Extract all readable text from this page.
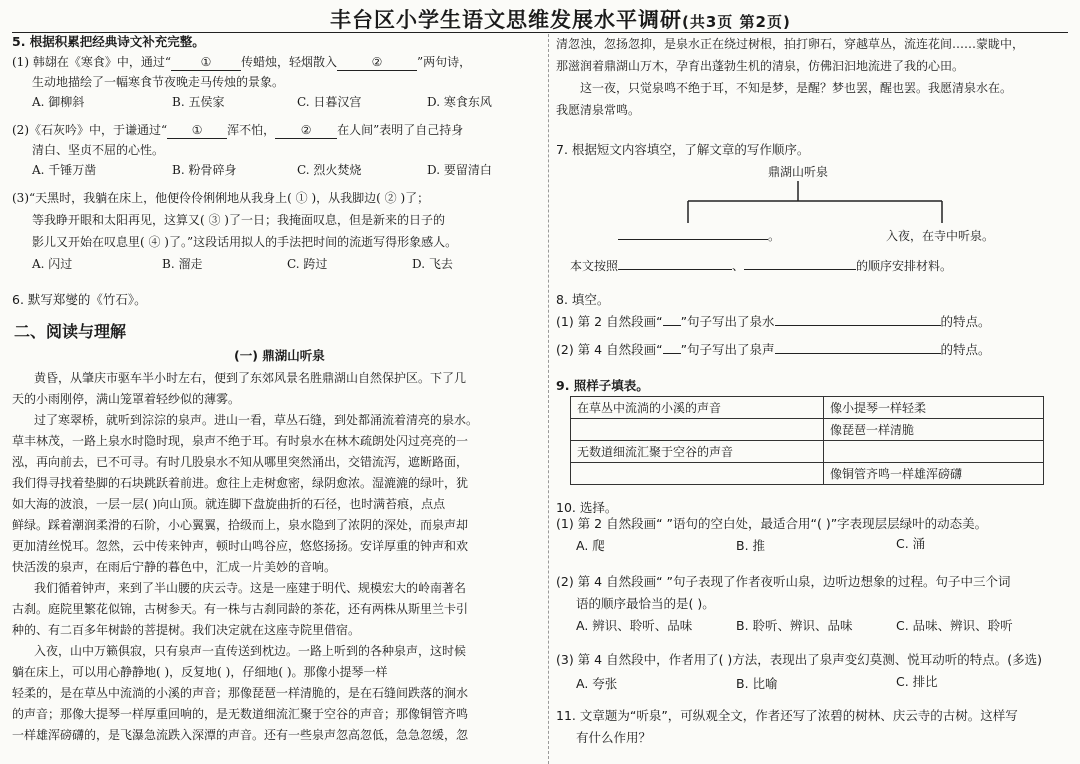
丰台区小学生语文思维发展水平调研(共3页 第2页)
5. 根据积累把经典诗文补充完整。
(1) 韩翃在《寒食》中，通过“ ① 传蜡烛，轻烟散入	②	”两句诗，
生动地描绘了一幅寒食节夜晚走马传烛的景象。
A. 御柳斜	B. 五侯家	C. 日暮汉宫	D. 寒食东风
(2)《石灰吟》中，于谦通过“ ① 浑不怕， ② 在人间”表明了自己持身
清白、坚贞不屈的心性。
A. 千锤万凿	B. 粉骨碎身	C. 烈火焚烧	D. 要留清白
(3)“天黑时，我躺在床上，他便伶伶俐俐地从我身上( ① )，从我脚边( ② )了；
等我睁开眼和太阳再见，这算又( ③ )了一日；我掩面叹息，但是新来的日子的
影儿又开始在叹息里( ④ )了。”这段话用拟人的手法把时间的流逝写得形象感人。
A. 闪过	B. 溜走	C. 跨过	D. 飞去
6. 默写郑燮的《竹石》。
二、阅读与理解
(一) 鼎湖山听泉
黄昏，从肇庆市驱车半小时左右，便到了东郊风景名胜鼎湖山自然保护区。下了几
天的小雨刚停，满山笼罩着轻纱似的薄雾。
过了寒翠桥，就听到淙淙的泉声。进山一看，草丛石缝，到处都涌流着清亮的泉水。
草丰林茂，一路上泉水时隐时现，泉声不绝于耳。有时泉水在林木疏朗处闪过亮亮的一
泓，再向前去，已不可寻。有时几股泉水不知从哪里突然涌出，交错流泻，遮断路面，
我们得寻找着垫脚的石块跳跃着前进。愈往上走树愈密，绿阴愈浓。湿漉漉的绿叶，犹
如大海的波浪，一层一层( )向山顶。就连脚下盘旋曲折的石径，也时满苔痕，点点
鲜绿。踩着潮润柔滑的石阶，小心翼翼，拾级而上，泉水隐到了浓阴的深处，而泉声却
更加清丝悦耳。忽然，云中传来钟声，顿时山鸣谷应，悠悠扬扬。安详厚重的钟声和欢
快活泼的泉声，在雨后宁静的暮色中，汇成一片美妙的音响。
我们循着钟声，来到了半山腰的庆云寺。这是一座建于明代、规模宏大的岭南著名
古刹。庭院里繁花似锦，古树参天。有一株与古刹同龄的茶花，还有两株从斯里兰卡引
种的、有二百多年树龄的菩提树。我们决定就在这座寺院里借宿。
入夜，山中万籁俱寂，只有泉声一直传送到枕边。一路上听到的各种泉声，这时候
躺在床上，可以用心静静地( )，反复地( )，仔细地( )。那像小提琴一样
轻柔的，是在草丛中流淌的小溪的声音；那像琵琶一样清脆的，是在石缝间跌落的涧水
的声音；那像大提琴一样厚重回响的，是无数道细流汇聚于空谷的声音；那像铜管齐鸣
一样雄浑磅礴的，是飞瀑急流跌入深潭的声音。还有一些泉声忽高忽低，急急忽缓，忽
清忽浊，忽扬忽抑，是泉水正在绕过树根，拍打卵石，穿越草丛，流连花间……蒙眬中，
那滋润着鼎湖山万木，孕育出蓬勃生机的清泉，仿佛汩汩地流进了我的心田。
这一夜，只觉泉鸣不绝于耳，不知是梦，是醒？梦也罢，醒也罢。我愿清泉水在。
我愿清泉常鸣。
7. 根据短文内容填空，了解文章的写作顺序。
鼎湖山听泉
。	入夜，在寺中听泉。
本文按照	、	的顺序安排材料。
8. 填空。
(1) 第 2 自然段画“ ”句子写出了泉水	的特点。
(2) 第 4 自然段画“ ”句子写出了泉声	的特点。
9. 照样子填表。
在草丛中流淌的小溪的声音	像小提琴一样轻柔
	像琵琶一样清脆
无数道细流汇聚于空谷的声音	
	像铜管齐鸣一样雄浑磅礴
10. 选择。
(1) 第 2 自然段画“ ”语句的空白处，最适合用“( )”字表现层层绿叶的动态美。
A. 爬	B. 推	C. 涌
(2) 第 4 自然段画“ ”句子表现了作者夜听山泉，边听边想象的过程。句子中三个词
语的顺序最恰当的是( )。
A. 辨识、聆听、品味	B. 聆听、辨识、品味	C. 品味、辨识、聆听
(3) 第 4 自然段中，作者用了( )方法，表现出了泉声变幻莫测、悦耳动听的特点。(多选)
A. 夸张	B. 比喻	C. 排比
11. 文章题为“听泉”，可纵观全文，作者还写了浓碧的树林、庆云寺的古树。这样写
有什么作用？
